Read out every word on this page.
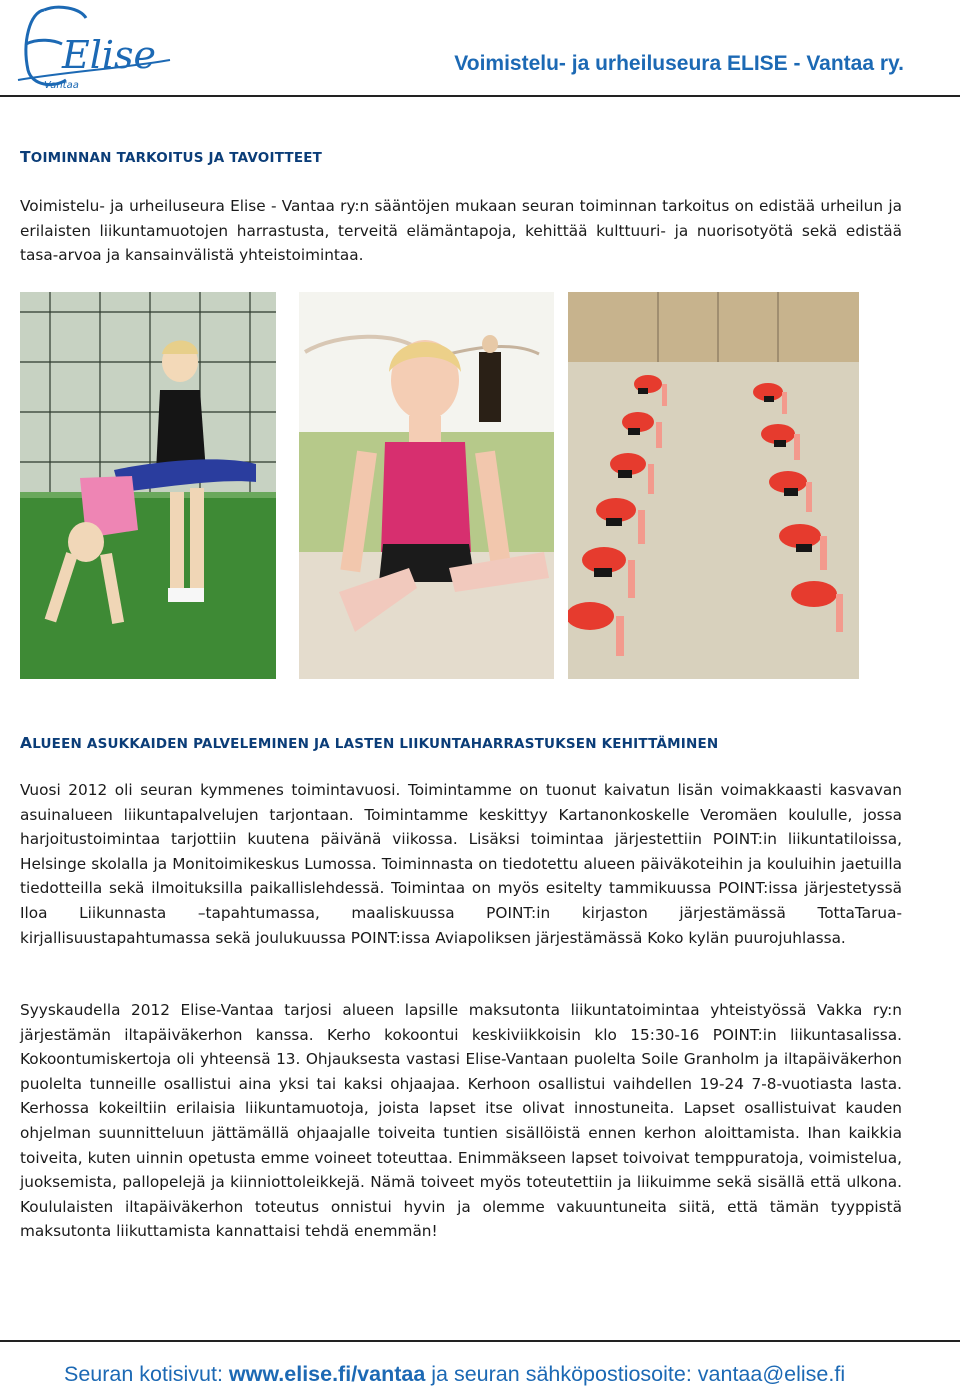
Elise
Vantaa
Voimistelu- ja urheiluseura ELISE - Vantaa ry.
TOIMINNAN TARKOITUS JA TAVOITTEET

Voimistelu- ja urheiluseura Elise - Vantaa ry:n sääntöjen mukaan seuran toiminnan tarkoitus on edistää urheilun ja erilaisten liikuntamuotojen harrastusta, terveitä elämäntapoja, kehittää kulttuuri- ja nuorisotyötä sekä edistää tasa-arvoa ja kansainvälistä yhteistoimintaa.

ALUEEN ASUKKAIDEN PALVELEMINEN JA LASTEN LIIKUNTAHARRASTUKSEN KEHITTÄMINEN

Vuosi 2012 oli seuran kymmenes toimintavuosi. Toimintamme on tuonut kaivatun lisän voimakkaasti kasvavan asuinalueen liikuntapalvelujen tarjontaan. Toimintamme keskittyy Kartanonkoskelle Veromäen koululle, jossa harjoitustoimintaa tarjottiin kuutena päivänä viikossa. Lisäksi toimintaa järjestettiin POINT:in liikuntatiloissa, Helsinge skolalla ja Monitoimikeskus Lumossa. Toiminnasta on tiedotettu alueen päiväkoteihin ja kouluihin jaetuilla tiedotteilla sekä ilmoituksilla paikallislehdessä. Toimintaa on myös esitelty tammikuussa POINT:issa järjestetyssä Iloa Liikunnasta –tapahtumassa, maaliskuussa POINT:in kirjaston järjestämässä TottaTarua-kirjallisuustapahtumassa sekä joulukuussa POINT:issa Aviapoliksen järjestämässä Koko kylän puurojuhlassa.

Syyskaudella 2012 Elise-Vantaa tarjosi alueen lapsille maksutonta liikuntatoimintaa yhteistyössä Vakka ry:n järjestämän iltapäiväkerhon kanssa. Kerho kokoontui keskiviikkoisin klo 15:30-16 POINT:in liikuntasalissa. Kokoontumiskertoja oli yhteensä 13. Ohjauksesta vastasi Elise-Vantaan puolelta Soile Granholm ja iltapäiväkerhon puolelta tunneille osallistui aina yksi tai kaksi ohjaajaa. Kerhoon osallistui vaihdellen 19-24 7-8-vuotiasta lasta. Kerhossa kokeiltiin erilaisia liikuntamuotoja, joista lapset itse olivat innostuneita. Lapset osallistuivat kauden ohjelman suunnitteluun jättämällä ohjaajalle toiveita tuntien sisällöistä ennen kerhon aloittamista. Ihan kaikkia toiveita, kuten uinnin opetusta emme voineet toteuttaa. Enimmäkseen lapset toivoivat temppuratoja, voimistelua, juoksemista, pallopelejä ja kiinniottoleikkejä. Nämä toiveet myös toteutettiin ja liikuimme sekä sisällä että ulkona. Koululaisten iltapäiväkerhon toteutus onnistui hyvin ja olemme vakuuntuneita siitä, että tämän tyyppistä maksutonta liikuttamista kannattaisi tehdä enemmän!

Seuran kotisivut: www.elise.fi/vantaa ja seuran sähköpostiosoite: vantaa@elise.fi
